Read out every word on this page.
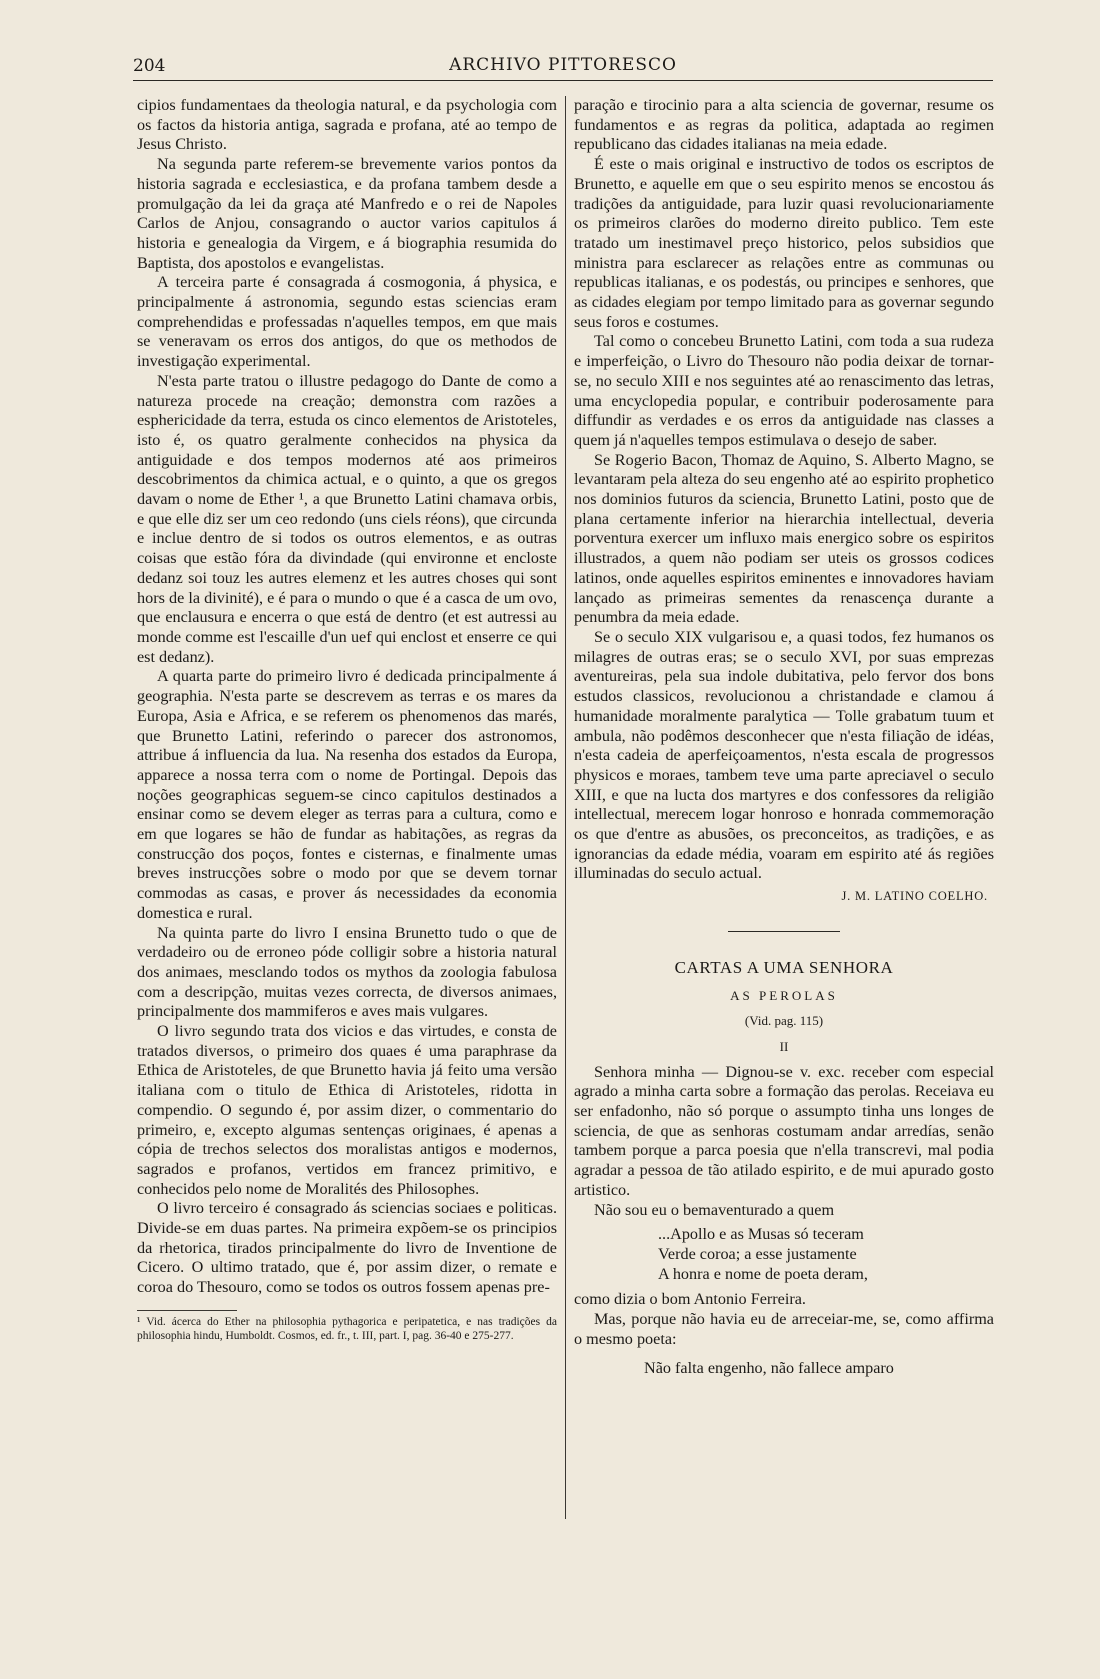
204	ARCHIVO PITTORESCO

cipios fundamentaes da theologia natural, e da psychologia com os factos da historia antiga, sagrada e profana, até ao tempo de Jesus Christo.

Na segunda parte referem-se brevemente varios pontos da historia sagrada e ecclesiastica, e da profana tambem desde a promulgação da lei da graça até Manfredo e o rei de Napoles Carlos de Anjou, consagrando o auctor varios capitulos á historia e genealogia da Virgem, e á biographia resumida do Baptista, dos apostolos e evangelistas.

A terceira parte é consagrada á cosmogonia, á physica, e principalmente á astronomia, segundo estas sciencias eram comprehendidas e professadas n'aquelles tempos, em que mais se veneravam os erros dos antigos, do que os methodos de investigação experimental.

N'esta parte tratou o illustre pedagogo do Dante de como a natureza procede na creação; demonstra com razões a esphericidade da terra, estuda os cinco elementos de Aristoteles, isto é, os quatro geralmente conhecidos na physica da antiguidade e dos tempos modernos até aos primeiros descobrimentos da chimica actual, e o quinto, a que os gregos davam o nome de Ether ¹, a que Brunetto Latini chamava orbis, e que elle diz ser um ceo redondo (uns ciels réons), que circunda e inclue dentro de si todos os outros elementos, e as outras coisas que estão fóra da divindade (qui environne et encloste dedanz soi touz les autres elemenz et les autres choses qui sont hors de la divinité), e é para o mundo o que é a casca de um ovo, que enclausura e encerra o que está de dentro (et est autressi au monde comme est l'escaille d'un uef qui enclost et enserre ce qui est dedanz).

A quarta parte do primeiro livro é dedicada principalmente á geographia. N'esta parte se descrevem as terras e os mares da Europa, Asia e Africa, e se referem os phenomenos das marés, que Brunetto Latini, referindo o parecer dos astronomos, attribue á influencia da lua. Na resenha dos estados da Europa, apparece a nossa terra com o nome de Portingal. Depois das noções geographicas seguem-se cinco capitulos destinados a ensinar como se devem eleger as terras para a cultura, como e em que logares se hão de fundar as habitações, as regras da construcção dos poços, fontes e cisternas, e finalmente umas breves instrucções sobre o modo por que se devem tornar commodas as casas, e prover ás necessidades da economia domestica e rural.

Na quinta parte do livro I ensina Brunetto tudo o que de verdadeiro ou de erroneo póde colligir sobre a historia natural dos animaes, mesclando todos os mythos da zoologia fabulosa com a descripção, muitas vezes correcta, de diversos animaes, principalmente dos mammiferos e aves mais vulgares.

O livro segundo trata dos vicios e das virtudes, e consta de tratados diversos, o primeiro dos quaes é uma paraphrase da Ethica de Aristoteles, de que Brunetto havia já feito uma versão italiana com o titulo de Ethica di Aristoteles, ridotta in compendio. O segundo é, por assim dizer, o commentario do primeiro, e, excepto algumas sentenças originaes, é apenas a cópia de trechos selectos dos moralistas antigos e modernos, sagrados e profanos, vertidos em francez primitivo, e conhecidos pelo nome de Moralités des Philosophes.

O livro terceiro é consagrado ás sciencias sociaes e politicas. Divide-se em duas partes. Na primeira expõem-se os principios da rhetorica, tirados principalmente do livro de Inventione de Cicero. O ultimo tratado, que é, por assim dizer, o remate e coroa do Thesouro, como se todos os outros fossem apenas pre-

¹ Vid. ácerca do Ether na philosophia pythagorica e peripatetica, e nas tradições da philosophia hindu, Humboldt. Cosmos, ed. fr., t. III, part. I, pag. 36-40 e 275-277.

paração e tirocinio para a alta sciencia de governar, resume os fundamentos e as regras da politica, adaptada ao regimen republicano das cidades italianas na meia edade.

É este o mais original e instructivo de todos os escriptos de Brunetto, e aquelle em que o seu espirito menos se encostou ás tradições da antiguidade, para luzir quasi revolucionariamente os primeiros clarões do moderno direito publico. Tem este tratado um inestimavel preço historico, pelos subsidios que ministra para esclarecer as relações entre as communas ou republicas italianas, e os podestás, ou principes e senhores, que as cidades elegiam por tempo limitado para as governar segundo seus foros e costumes.

Tal como o concebeu Brunetto Latini, com toda a sua rudeza e imperfeição, o Livro do Thesouro não podia deixar de tornar-se, no seculo XIII e nos seguintes até ao renascimento das letras, uma encyclopedia popular, e contribuir poderosamente para diffundir as verdades e os erros da antiguidade nas classes a quem já n'aquelles tempos estimulava o desejo de saber.

Se Rogerio Bacon, Thomaz de Aquino, S. Alberto Magno, se levantaram pela alteza do seu engenho até ao espirito prophetico nos dominios futuros da sciencia, Brunetto Latini, posto que de plana certamente inferior na hierarchia intellectual, deveria porventura exercer um influxo mais energico sobre os espiritos illustrados, a quem não podiam ser uteis os grossos codices latinos, onde aquelles espiritos eminentes e innovadores haviam lançado as primeiras sementes da renascença durante a penumbra da meia edade.

Se o seculo XIX vulgarisou e, a quasi todos, fez humanos os milagres de outras eras; se o seculo XVI, por suas emprezas aventureiras, pela sua indole dubitativa, pelo fervor dos bons estudos classicos, revolucionou a christandade e clamou á humanidade moralmente paralytica — Tolle grabatum tuum et ambula, não podêmos desconhecer que n'esta filiação de idéas, n'esta cadeia de aperfeiçoamentos, n'esta escala de progressos physicos e moraes, tambem teve uma parte apreciavel o seculo XIII, e que na lucta dos martyres e dos confessores da religião intellectual, merecem logar honroso e honrada commemoração os que d'entre as abusões, os preconceitos, as tradições, e as ignorancias da edade média, voaram em espirito até ás regiões illuminadas do seculo actual.

J. M. LATINO COELHO.
CARTAS A UMA SENHORA
AS PEROLAS
(Vid. pag. 115)
II

Senhora minha — Dignou-se v. exc. receber com especial agrado a minha carta sobre a formação das perolas. Receiava eu ser enfadonho, não só porque o assumpto tinha uns longes de sciencia, de que as senhoras costumam andar arredías, senão tambem porque a parca poesia que n'ella transcrevi, mal podia agradar a pessoa de tão atilado espirito, e de mui apurado gosto artistico.

Não sou eu o bemaventurado a quem

...Apollo e as Musas só teceram
Verde coroa; a esse justamente
A honra e nome de poeta deram,

como dizia o bom Antonio Ferreira.

Mas, porque não havia eu de arreceiar-me, se, como affirma o mesmo poeta:

Não falta engenho, não fallece amparo
